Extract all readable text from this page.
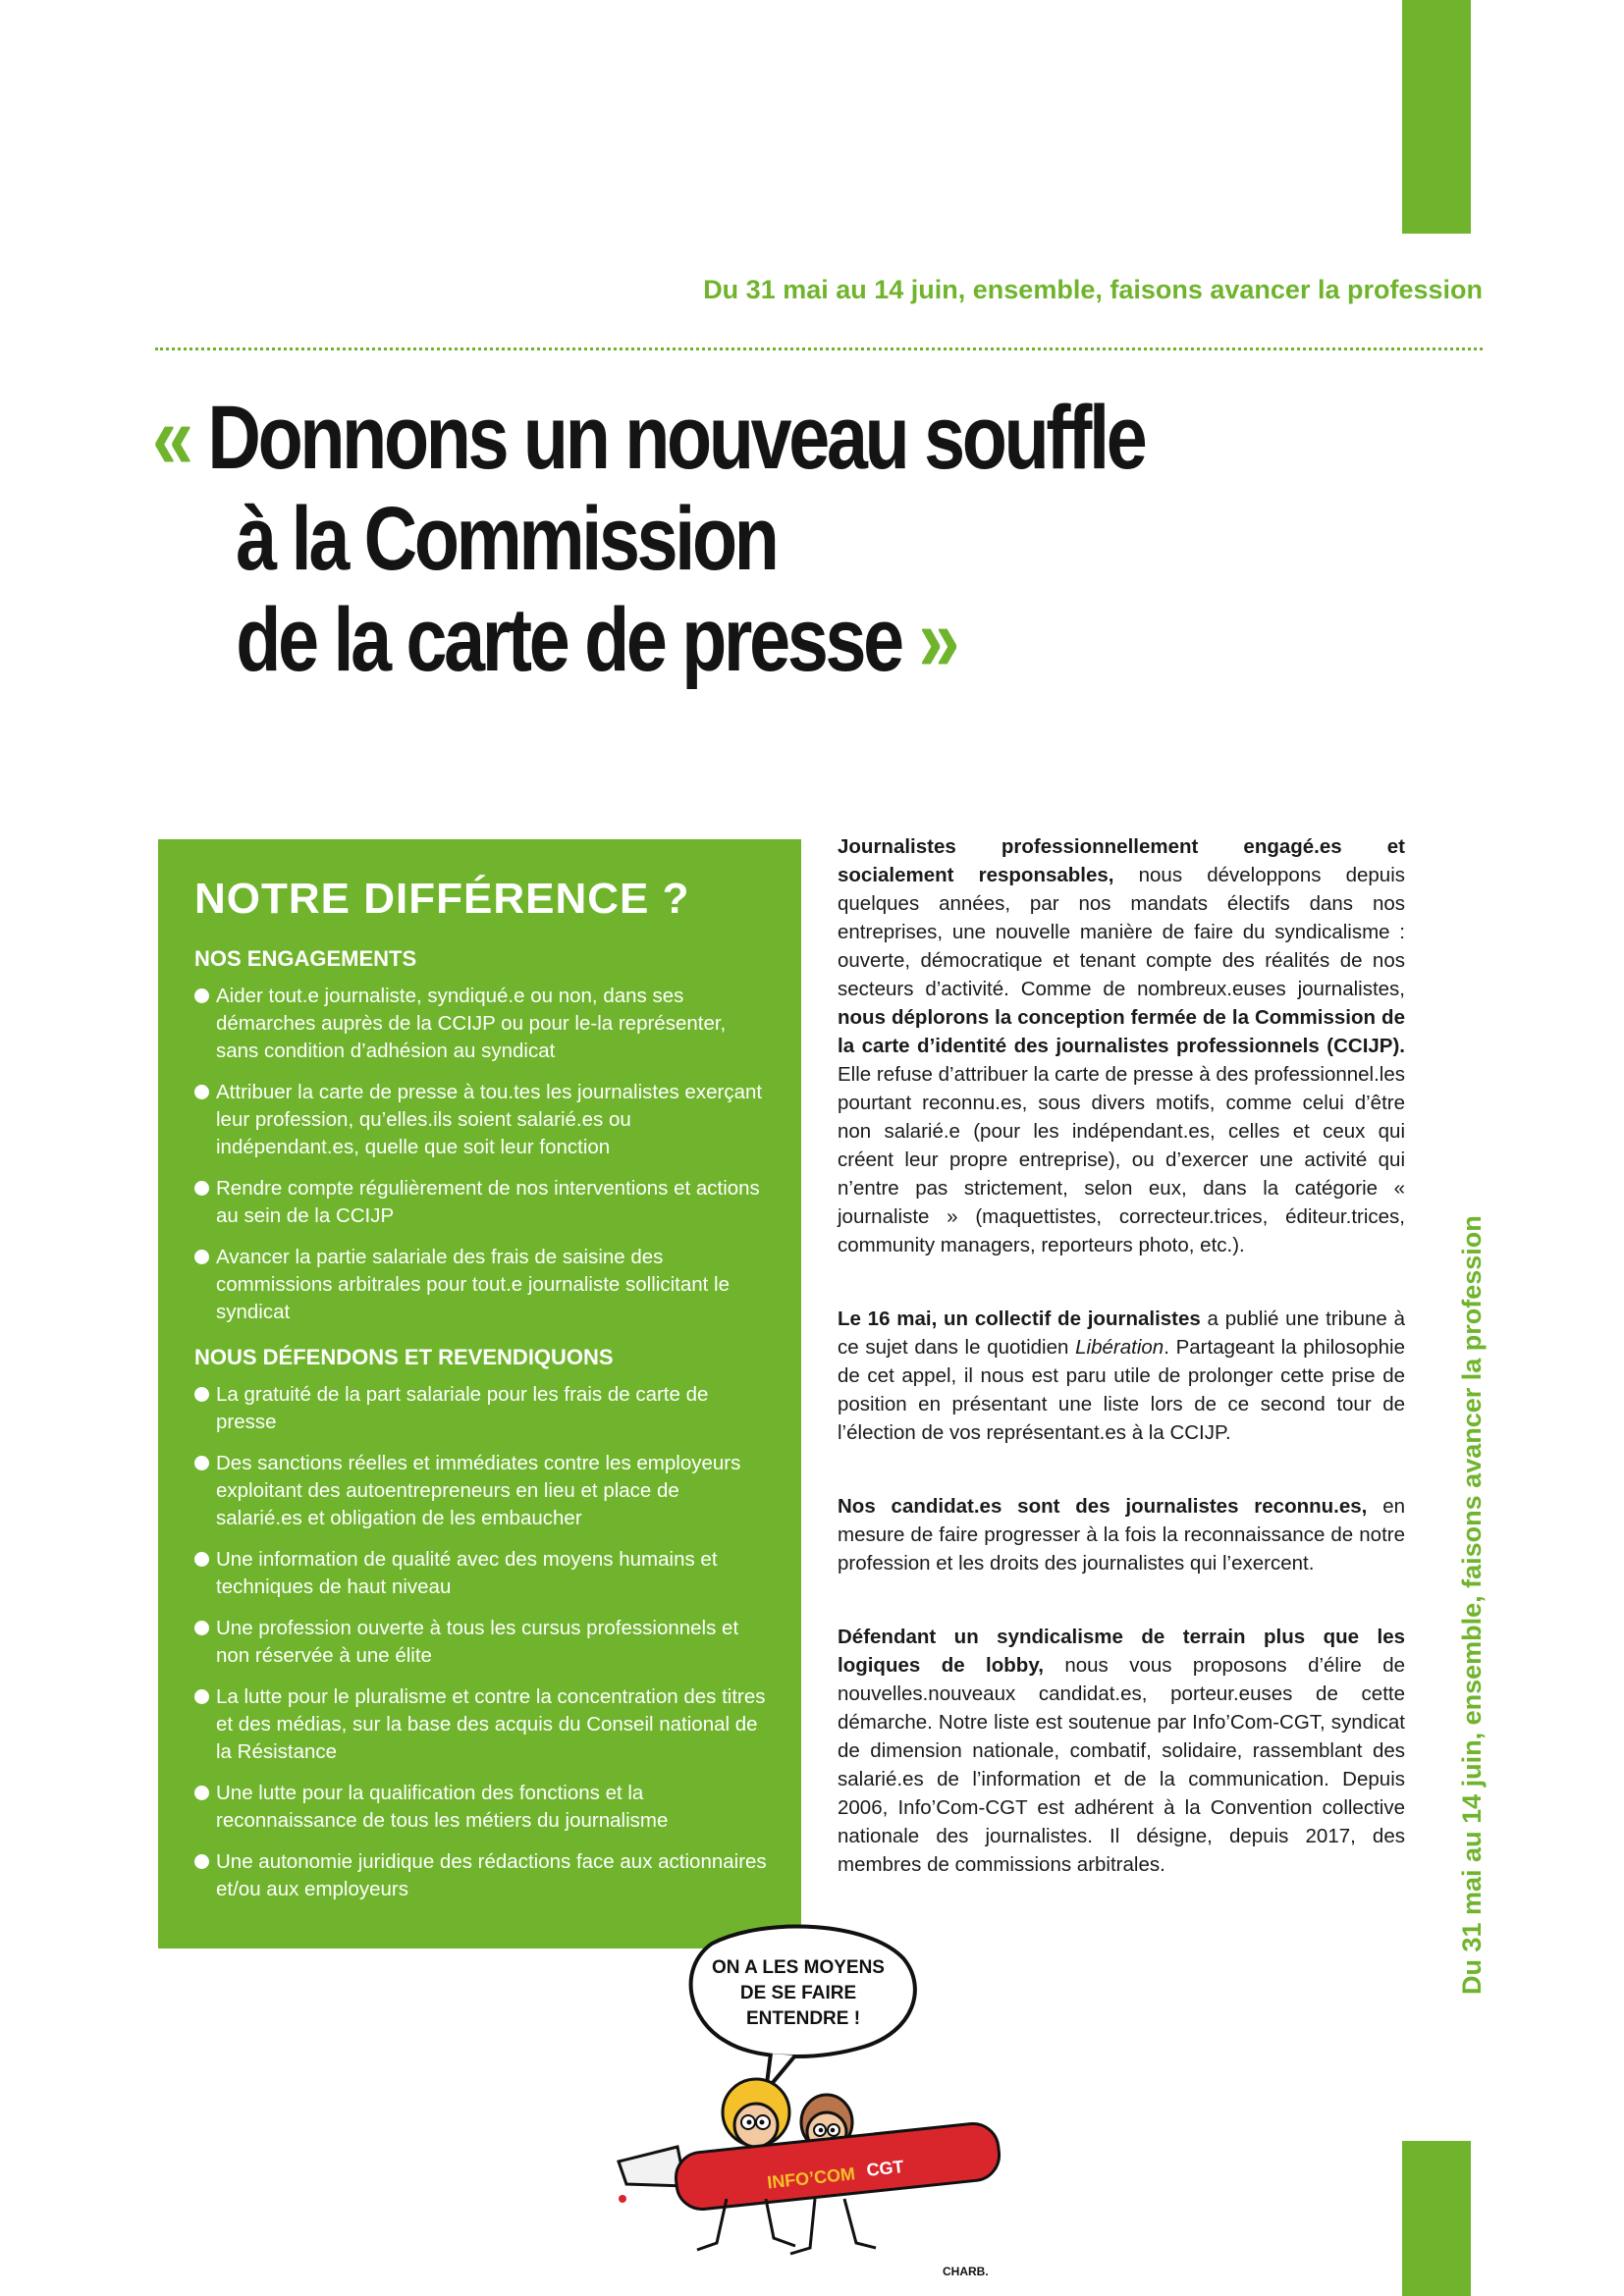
Du 31 mai au 14 juin, ensemble, faisons avancer la profession
« Donnons un nouveau souffle
à la Commission
de la carte de presse »
NOTRE DIFFÉRENCE ?
NOS ENGAGEMENTS
Aider tout.e journaliste, syndiqué.e ou non, dans ses démarches auprès de la CCIJP ou pour le-la représenter, sans condition d’adhésion au syndicat
Attribuer la carte de presse à tou.tes les journalistes exerçant leur profession, qu’elles.ils soient salarié.es ou indépendant.es, quelle que soit leur fonction
Rendre compte régulièrement de nos interventions et actions au sein de la CCIJP
Avancer la partie salariale des frais de saisine des commissions arbitrales pour tout.e journaliste sollicitant le syndicat
NOUS DÉFENDONS ET REVENDIQUONS
La gratuité de la part salariale pour les frais de carte de presse
Des sanctions réelles et immédiates contre les employeurs exploitant des autoentrepreneurs en lieu et place de salarié.es et obligation de les embaucher
Une information de qualité avec des moyens humains et techniques de haut niveau
Une profession ouverte à tous les cursus professionnels et non réservée à une élite
La lutte pour le pluralisme et contre la concentration des titres et des médias, sur la base des acquis du Conseil national de la Résistance
Une lutte pour la qualification des fonctions et la reconnaissance de tous les métiers du journalisme
Une autonomie juridique des rédactions face aux actionnaires et/ou aux employeurs

Journalistes professionnellement engagé.es et socialement responsables, nous développons depuis quelques années, par nos mandats électifs dans nos entreprises, une nouvelle manière de faire du syndicalisme : ouverte, démocratique et tenant compte des réalités de nos secteurs d’activité. Comme de nombreux.euses journalistes, nous déplorons la conception fermée de la Commission de la carte d’identité des journalistes professionnels (CCIJP). Elle refuse d’attribuer la carte de presse à des professionnel.les pourtant reconnu.es, sous divers motifs, comme celui d’être non salarié.e (pour les indépendant.es, celles et ceux qui créent leur propre entreprise), ou d’exercer une activité qui n’entre pas strictement, selon eux, dans la catégorie « journaliste » (maquettistes, correcteur.trices, éditeur.trices, community managers, reporteurs photo, etc.).

Le 16 mai, un collectif de journalistes a publié une tribune à ce sujet dans le quotidien Libération. Partageant la philosophie de cet appel, il nous est paru utile de prolonger cette prise de position en présentant une liste lors de ce second tour de l’élection de vos représentant.es à la CCIJP.

Nos candidat.es sont des journalistes reconnu.es, en mesure de faire progresser à la fois la reconnaissance de notre profession et les droits des journalistes qui l’exercent.

Défendant un syndicalisme de terrain plus que les logiques de lobby, nous vous proposons d’élire de nouvelles.nouveaux candidat.es, porteur.euses de cette démarche. Notre liste est soutenue par Info’Com-CGT, syndicat de dimension nationale, combatif, solidaire, rassemblant des salarié.es de l’information et de la communication. Depuis 2006, Info’Com-CGT est adhérent à la Convention collective nationale des journalistes. Il désigne, depuis 2017, des membres de commissions arbitrales.	Du 31 mai au 14 juin, ensemble, faisons avancer la profession
ON A LES MOYENS
DE SE FAIRE
ENTENDRE !
INFO’COM CGT
CHARB.
